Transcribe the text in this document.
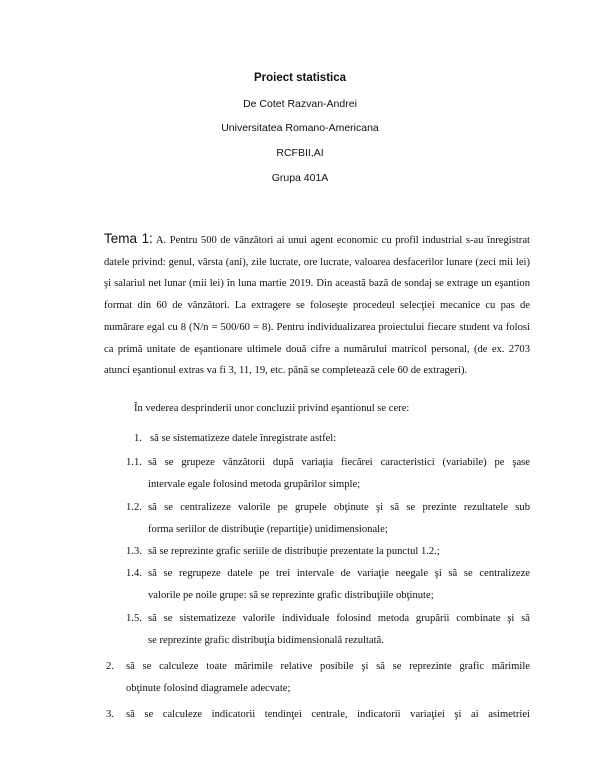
Proiect statistica
De Cotet Razvan-Andrei
Universitatea Romano-Americana
RCFBII,AI
Grupa 401A
Tema 1: A. Pentru 500 de vânzători ai unui agent economic cu profil industrial s-au înregistrat datele privind: genul, vârsta (ani), zile lucrate, ore lucrate, valoarea desfacerilor lunare (zeci mii lei) şi salariul net lunar (mii lei) în luna martie 2019. Din această bază de sondaj se extrage un eşantion format din 60 de vânzători. La extragere se foloseşte procedeul selecţiei mecanice cu pas de numărare egal cu 8 (N/n = 500/60 = 8). Pentru individualizarea proiectului fiecare student va folosi ca primă unitate de eşantionare ultimele două cifre a numărului matricol personal, (de ex. 2703 atunci eşantionul extras va fi 3, 11, 19, etc. până se completează cele 60 de extrageri).
În vederea desprinderii unor concluzii privind eşantionul se cere:
1. să se sistematizeze datele înregistrate astfel:
1.1. să se grupeze vânzătorii după variaţia fiecărei caracteristici (variabile) pe şase
intervale egale folosind metoda grupărilor simple;
1.2. să se centralizeze valorile pe grupele obţinute şi să se prezinte rezultatele sub
forma seriilor de distribuţie (repartiţie) unidimensionale;
1.3. să se reprezinte grafic seriile de distribuţie prezentate la punctul 1.2.;
1.4. să se regrupeze datele pe trei intervale de variaţie neegale şi să se centralizeze
valorile pe noile grupe: să se reprezinte grafic distribuţiile obţinute;
1.5. să se sistematizeze valorile individuale folosind metoda grupării combinate şi să
se reprezinte grafic distribuţia bidimensională rezultată.
2. să se calculeze toate mărimile relative posibile şi să se reprezinte grafic mărimile
obţinute folosind diagramele adecvate;
3. să se calculeze indicatorii tendinţei centrale, indicatorii variaţiei şi ai asimetriei
